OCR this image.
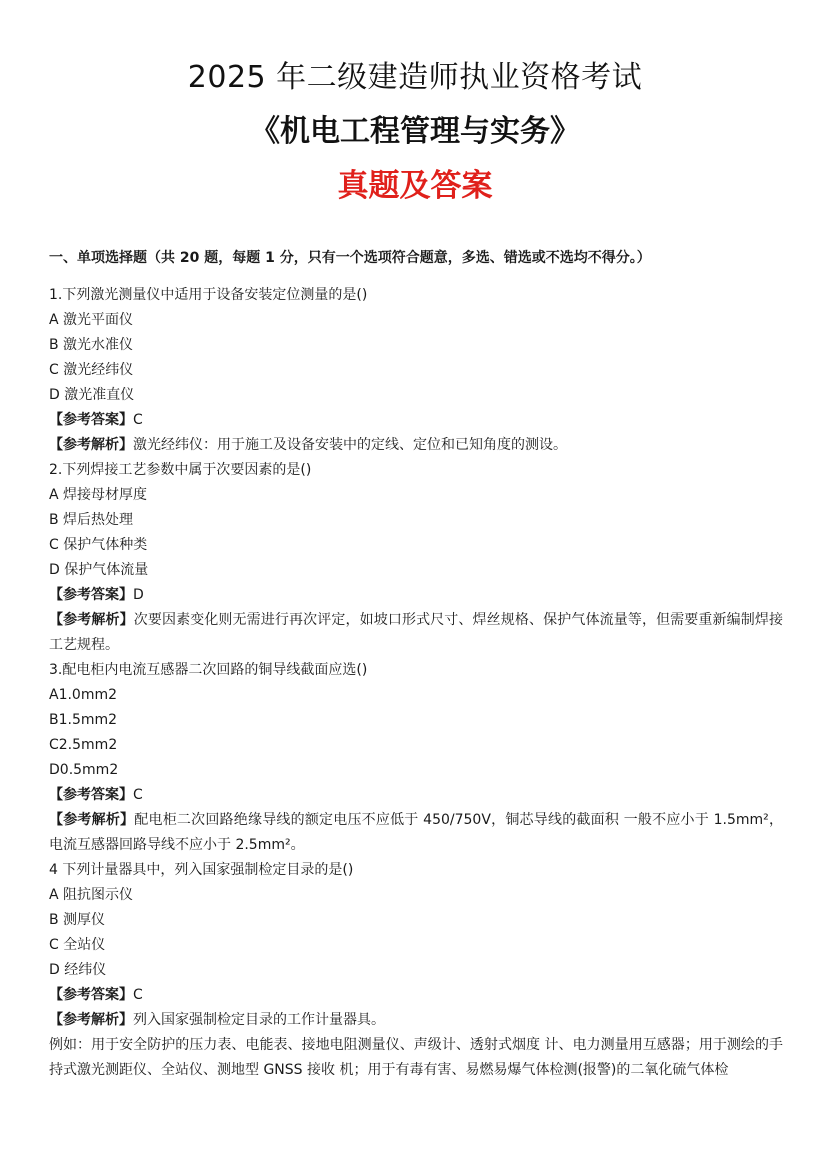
2025 年二级建造师执业资格考试
《机电工程管理与实务》
真题及答案
一、单项选择题（共 20 题，每题 1 分，只有一个选项符合题意，多选、错选或不选均不得分。）
1.下列激光测量仪中适用于设备安装定位测量的是()
A 激光平面仪
B 激光水准仪
C 激光经纬仪
D 激光准直仪
【参考答案】C
【参考解析】激光经纬仪：用于施工及设备安装中的定线、定位和已知角度的测设。
2.下列焊接工艺参数中属于次要因素的是()
A 焊接母材厚度
B 焊后热处理
C 保护气体种类
D 保护气体流量
【参考答案】D
【参考解析】次要因素变化则无需进行再次评定，如坡口形式尺寸、焊丝规格、保护气体流量等，但需要重新编制焊接工艺规程。
3.配电柜内电流互感器二次回路的铜导线截面应选()
A1.0mm2
B1.5mm2
C2.5mm2
D0.5mm2
【参考答案】C
【参考解析】配电柜二次回路绝缘导线的额定电压不应低于 450/750V，铜芯导线的截面积 一般不应小于 1.5mm²，电流互感器回路导线不应小于 2.5mm²。
4 下列计量器具中，列入国家强制检定目录的是()
A 阻抗图示仪
B 测厚仪
C 全站仪
D 经纬仪
【参考答案】C
【参考解析】列入国家强制检定目录的工作计量器具。
例如：用于安全防护的压力表、电能表、接地电阻测量仪、声级计、透射式烟度 计、电力测量用互感器；用于测绘的手持式激光测距仪、全站仪、测地型 GNSS 接收 机；用于有毒有害、易燃易爆气体检测(报警)的二氧化硫气体检
